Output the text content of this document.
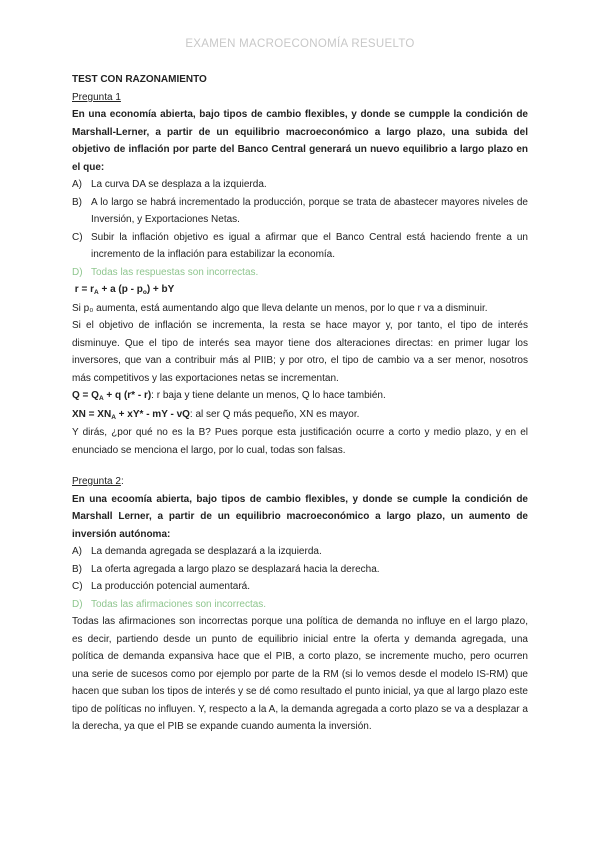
EXAMEN MACROECONOMÍA RESUELTO

TEST CON RAZONAMIENTO

Pregunta 1

En una economía abierta, bajo tipos de cambio flexibles, y donde se cumpple la condición de Marshall-Lerner, a partir de un equilibrio macroeconómico a largo plazo, una subida del objetivo de inflación por parte del Banco Central generará un nuevo equilibrio a largo plazo en el que:

A) La curva DA se desplaza a la izquierda.
B) A lo largo se habrá incrementado la producción, porque se trata de abastecer mayores niveles de Inversión, y Exportaciones Netas.
C) Subir la inflación objetivo es igual a afirmar que el Banco Central está haciendo frente a un incremento de la inflación para estabilizar la economía.
D) Todas las respuestas son incorrectas.

$r = r_A + a$ $(p - p_o)$ + bY

Si p₀ aumenta, está aumentando algo que lleva delante un menos, por lo que r va a disminuir.

Si el objetivo de inflación se incrementa, la resta se hace mayor y, por tanto, el tipo de interés disminuye. Que el tipo de interés sea mayor tiene dos alteraciones directas: en primer lugar los inversores, que van a contribuir más al PIIB; y por otro, el tipo de cambio va a ser menor, nosotros más competitivos y las exportaciones netas se incrementan.

$Q = Q_A + q$ (r* - r): r baja y tiene delante un menos, Q lo hace también.

XN = $XN_A + xY*$ - mY - vQ: al ser Q más pequeño, XN es mayor.

Y dirás, ¿por qué no es la B? Pues porque esta justificación ocurre a corto y medio plazo, y en el enunciado se menciona el largo, por lo cual, todas son falsas.

Pregunta 2:

En una ecoomía abierta, bajo tipos de cambio flexibles, y donde se cumple la condición de Marshall Lerner, a partir de un equilibrio macroeconómico a largo plazo, un aumento de inversión autónoma:

A) La demanda agregada se desplazará a la izquierda.
B) La oferta agregada a largo plazo se desplazará hacia la derecha.
C) La producción potencial aumentará.
D) Todas las afirmaciones son incorrectas.

Todas las afirmaciones son incorrectas porque una política de demanda no influye en el largo plazo, es decir, partiendo desde un punto de equilibrio inicial entre la oferta y demanda agregada, una política de demanda expansiva hace que el PIB, a corto plazo, se incremente mucho, pero ocurren una serie de sucesos como por ejemplo por parte de la RM (si lo vemos desde el modelo IS-RM) que hacen que suban los tipos de interés y se dé como resultado el punto inicial, ya que al largo plazo este tipo de políticas no influyen. Y, respecto a la A, la demanda agregada a corto plazo se va a desplazar a la derecha, ya que el PIB se expande cuando aumenta la inversión.
